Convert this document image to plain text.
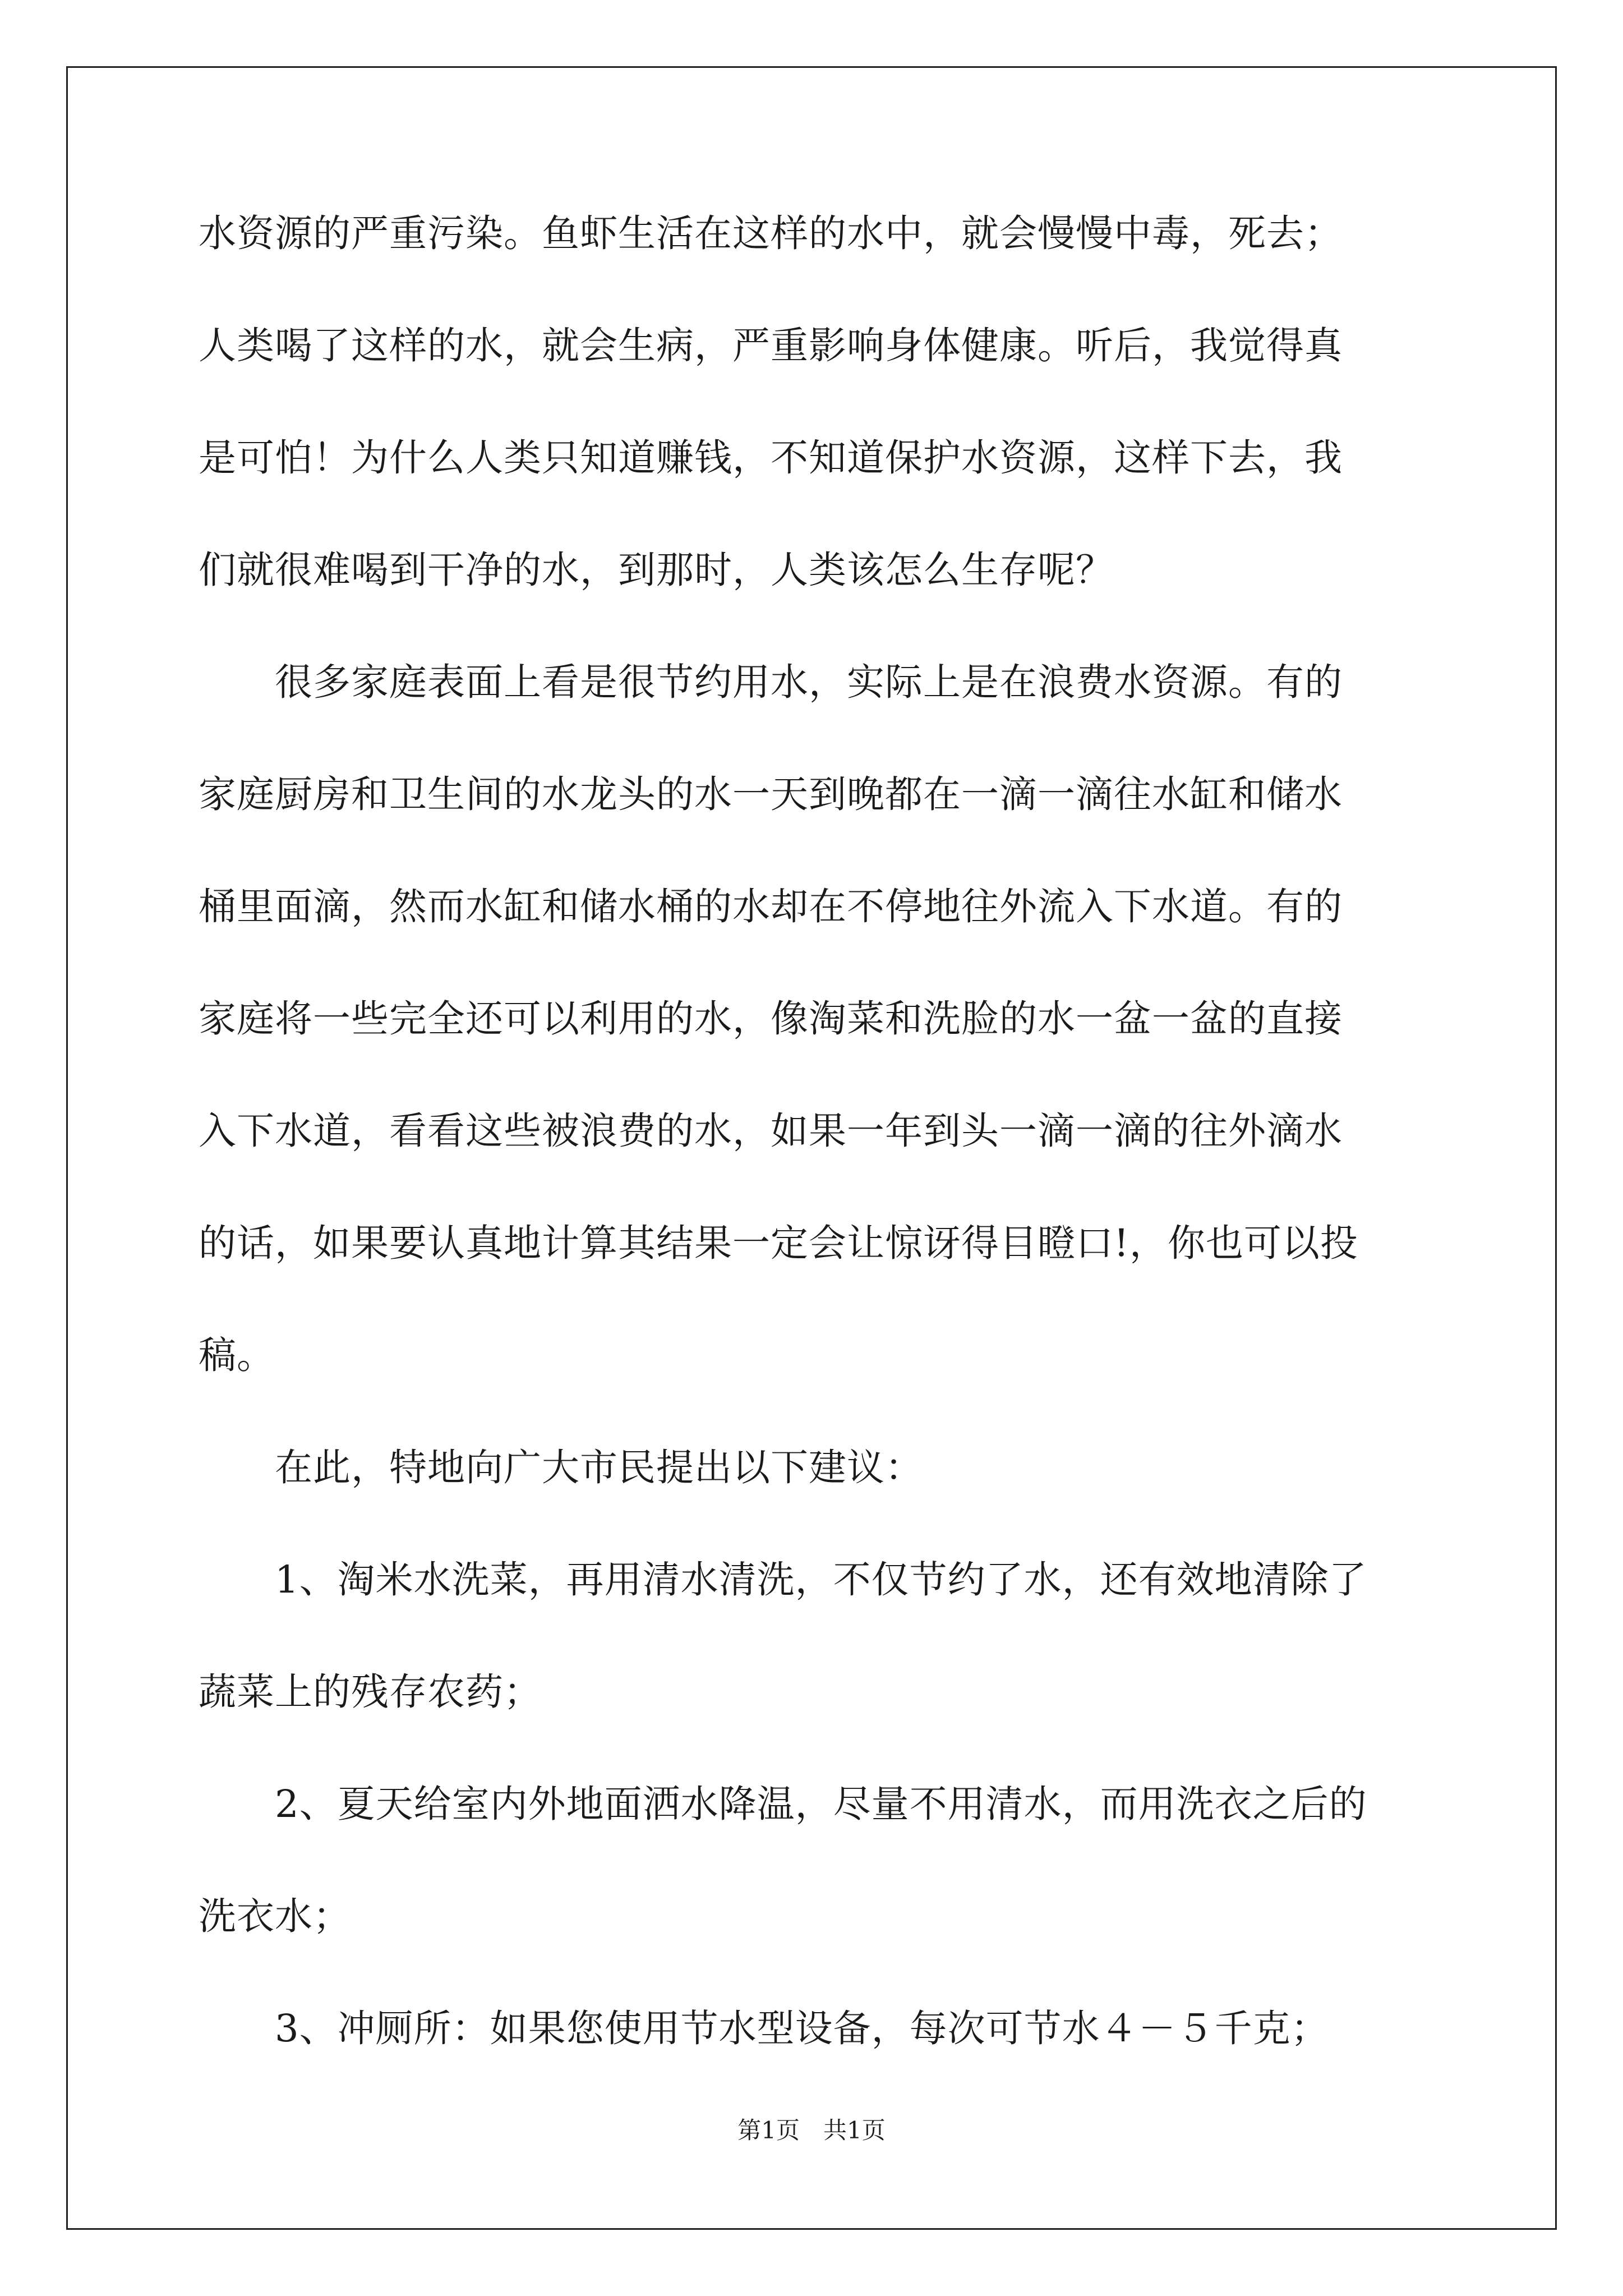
水资源的严重污染。鱼虾生活在这样的水中，就会慢慢中毒，死去；

人类喝了这样的水，就会生病，严重影响身体健康。听后，我觉得真

是可怕！为什么人类只知道赚钱，不知道保护水资源，这样下去，我

们就很难喝到干净的水，到那时，人类该怎么生存呢？

　　很多家庭表面上看是很节约用水，实际上是在浪费水资源。有的

家庭厨房和卫生间的水龙头的水一天到晚都在一滴一滴往水缸和储水

桶里面滴，然而水缸和储水桶的水却在不停地往外流入下水道。有的

家庭将一些完全还可以利用的水，像淘菜和洗脸的水一盆一盆的直接

入下水道，看看这些被浪费的水，如果一年到头一滴一滴的往外滴水

的话，如果要认真地计算其结果一定会让惊讶得目瞪口!，你也可以投

稿。

　　在此，特地向广大市民提出以下建议：

　　1、淘米水洗菜，再用清水清洗，不仅节约了水，还有效地清除了

蔬菜上的残存农药；

　　2、夏天给室内外地面洒水降温，尽量不用清水，而用洗衣之后的

洗衣水；

　　3、冲厕所：如果您使用节水型设备，每次可节水４－５千克；

第1页　共1页
